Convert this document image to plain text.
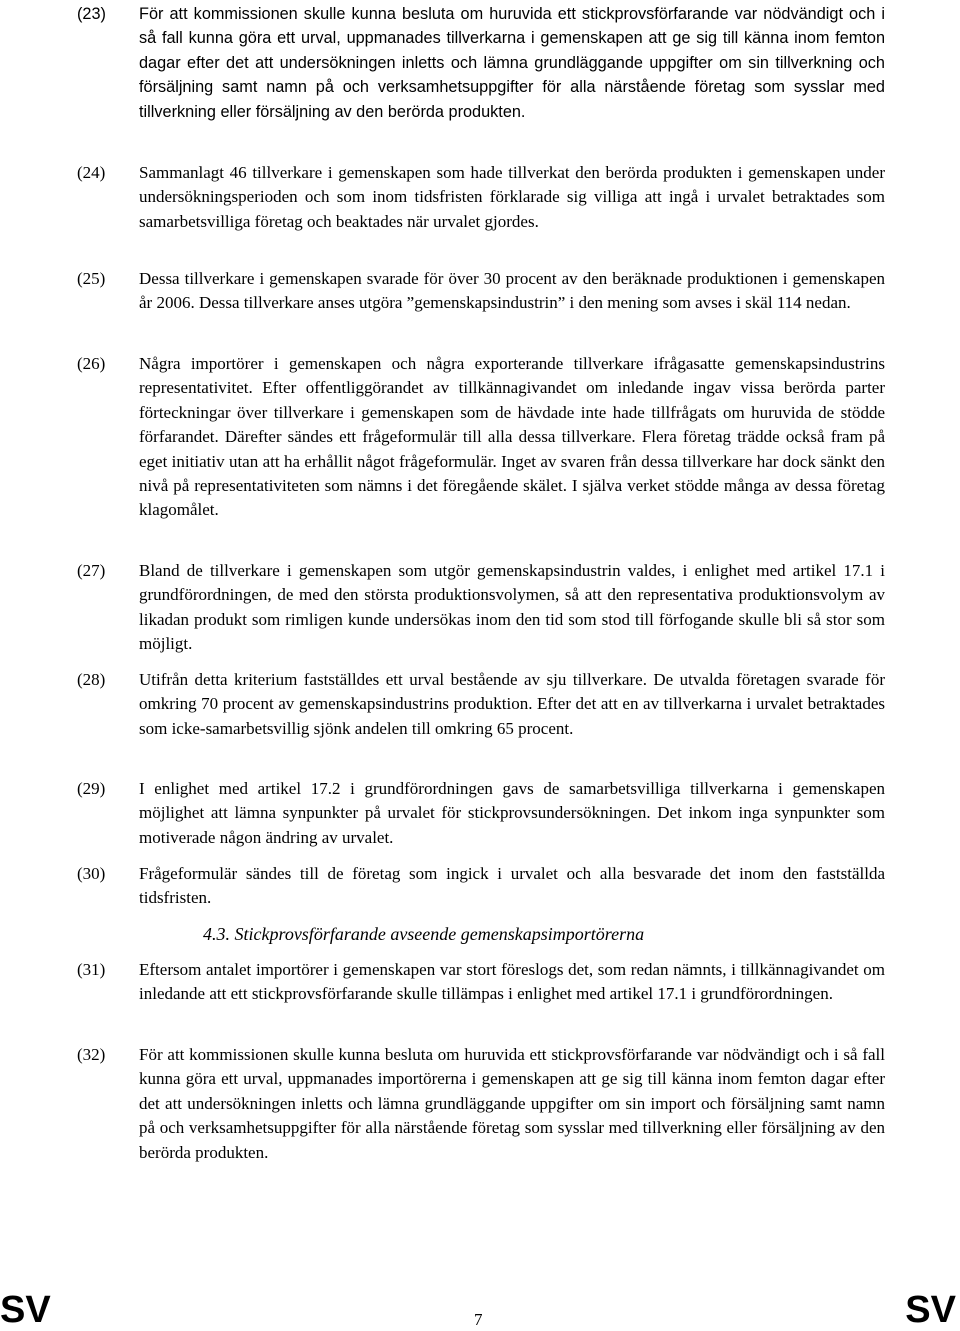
(23) För att kommissionen skulle kunna besluta om huruvida ett stickprovsförfarande var nödvändigt och i så fall kunna göra ett urval, uppmanades tillverkarna i gemenskapen att ge sig till känna inom femton dagar efter det att undersökningen inletts och lämna grundläggande uppgifter om sin tillverkning och försäljning samt namn på och verksamhetsuppgifter för alla närstående företag som sysslar med tillverkning eller försäljning av den berörda produkten.
(24) Sammanlagt 46 tillverkare i gemenskapen som hade tillverkat den berörda produkten i gemenskapen under undersökningsperioden och som inom tidsfristen förklarade sig villiga att ingå i urvalet betraktades som samarbetsvilliga företag och beaktades när urvalet gjordes.
(25) Dessa tillverkare i gemenskapen svarade för över 30 procent av den beräknade produktionen i gemenskapen år 2006. Dessa tillverkare anses utgöra ”gemenskapsindustrin” i den mening som avses i skäl 114 nedan.
(26) Några importörer i gemenskapen och några exporterande tillverkare ifrågasatte gemenskapsindustrins representativitet. Efter offentliggörandet av tillkännagivandet om inledande ingav vissa berörda parter förteckningar över tillverkare i gemenskapen som de hävdade inte hade tillfrågats om huruvida de stödde förfarandet. Därefter sändes ett frågeformulär till alla dessa tillverkare. Flera företag trädde också fram på eget initiativ utan att ha erhållit något frågeformulär. Inget av svaren från dessa tillverkare har dock sänkt den nivå på representativiteten som nämns i det föregående skälet. I själva verket stödde många av dessa företag klagomålet.
(27) Bland de tillverkare i gemenskapen som utgör gemenskapsindustrin valdes, i enlighet med artikel 17.1 i grundförordningen, de med den största produktionsvolymen, så att den representativa produktionsvolym av likadan produkt som rimligen kunde undersökas inom den tid som stod till förfogande skulle bli så stor som möjligt.
(28) Utifrån detta kriterium fastställdes ett urval bestående av sju tillverkare. De utvalda företagen svarade för omkring 70 procent av gemenskapsindustrins produktion. Efter det att en av tillverkarna i urvalet betraktades som icke-samarbetsvillig sjönk andelen till omkring 65 procent.
(29) I enlighet med artikel 17.2 i grundförordningen gavs de samarbetsvilliga tillverkarna i gemenskapen möjlighet att lämna synpunkter på urvalet för stickprovsundersökningen. Det inkom inga synpunkter som motiverade någon ändring av urvalet.
(30) Frågeformulär sändes till de företag som ingick i urvalet och alla besvarade det inom den fastställda tidsfristen.
4.3. Stickprovsförfarande avseende gemenskapsimportörerna
(31) Eftersom antalet importörer i gemenskapen var stort föreslogs det, som redan nämnts, i tillkännagivandet om inledande att ett stickprovsförfarande skulle tillämpas i enlighet med artikel 17.1 i grundförordningen.
(32) För att kommissionen skulle kunna besluta om huruvida ett stickprovsförfarande var nödvändigt och i så fall kunna göra ett urval, uppmanades importörerna i gemenskapen att ge sig till känna inom femton dagar efter det att undersökningen inletts och lämna grundläggande uppgifter om sin import och försäljning samt namn på och verksamhetsuppgifter för alla närstående företag som sysslar med tillverkning eller försäljning av den berörda produkten.
SV	7	SV
